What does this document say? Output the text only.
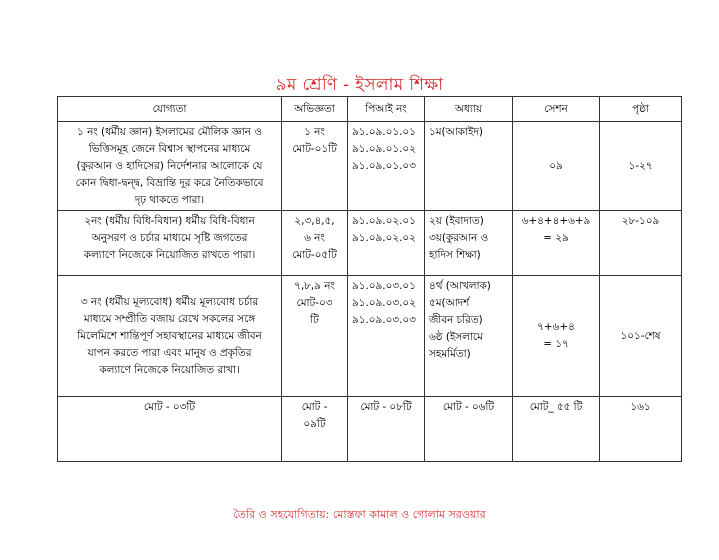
৯ম শ্রেণি - ইসলাম শিক্ষা
যোগ্যতা	অভিজ্ঞতা	পিআই নং	অধ্যায়	সেশন	পৃষ্ঠা

১ নং (ধর্মীয় জ্ঞান) ইসলামের মৌলিক জ্ঞান ও
ভিত্তিসমূহ জেনে বিশ্বাস স্থাপনের মাধ্যমে
(কুরআন ও হাদিসের) নির্দেশনার আলোকে যে
কোন দ্বিধা-দ্বন্দ্ব, বিভ্রান্তি দূর করে নৈতিকভাবে
দৃঢ় থাকতে পারা।	১ নং
মোট-০১টি	৯১.০৯.০১.০১
৯১.০৯.০১.০২
৯১.০৯.০১.০৩	১ম(আকাইদ)	০৯	১-২৭

২নং (ধর্মীয় বিধি-বিধান) ধর্মীয় বিধি-বিধান
অনুসরণ ও চর্চার মাধ্যমে সৃষ্টি জগতের
কল্যাণে নিজেকে নিয়োজিত রাখতে পারা।	২,৩,৪,৫,
৬ নং
মোট-০৫টি	৯১.০৯.০২.০১
৯১.০৯.০২.০২	২য় (ইবাদাত)
৩য়(কুরআন ও
হাদিস শিক্ষা)	৬+৪+৪+৬+৯
= ২৯	২৮-১০৯

৩ নং (ধর্মীয় মূল্যবোধ) ধর্মীয় মূল্যবোধ চর্চার
মাধ্যমে সম্প্রীতি বজায় রেখে সকলের সঙ্গে
মিলেমিশে শান্তিপূর্ণ সহাবস্থানের মাধ্যমে জীবন
যাপন করতে পারা এবং মানুষ ও প্রকৃতির
কল্যাণে নিজেকে নিয়োজিত রাখা।	৭,৮,৯ নং
মোট-০৩
টি	৯১.০৯.০৩.০১
৯১.০৯.০৩.০২
৯১.০৯.০৩.০৩	৪র্থ (আখলাক)
৫ম(আদর্শ
জীবন চরিত)
৬ষ্ঠ (ইসলামে
সহমর্মিতা)	৭+৬+৪
= ১৭	১০১-শেষ

মোট - ০৩টি	মোট -
০৯টি	মোট - ০৮টি	মোট - ০৬টি	মোট_ ৫৫ টি	১৬১
তৈরি ও সহযোগিতায়: মোস্তফা কামাল ও গোলাম সরওয়ার
